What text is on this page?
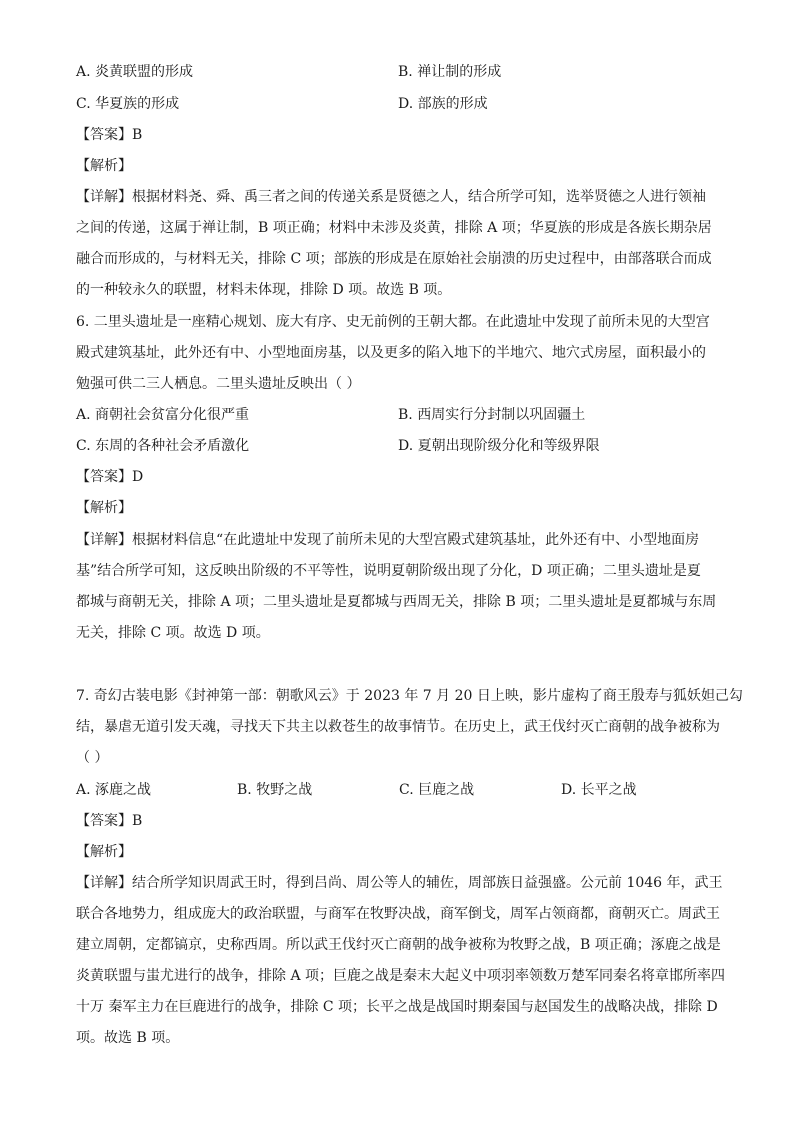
A. 炎黄联盟的形成	B. 禅让制的形成
C. 华夏族的形成	D. 部族的形成
【答案】B
【解析】
【详解】根据材料尧、舜、禹三者之间的传递关系是贤德之人，结合所学可知，选举贤德之人进行领袖
之间的传递，这属于禅让制，B 项正确；材料中未涉及炎黄，排除 A 项；华夏族的形成是各族长期杂居
融合而形成的，与材料无关，排除 C 项；部族的形成是在原始社会崩溃的历史过程中，由部落联合而成
的一种较永久的联盟，材料未体现，排除 D 项。故选 B 项。
6. 二里头遗址是一座精心规划、庞大有序、史无前例的王朝大都。在此遗址中发现了前所未见的大型宫
殿式建筑基址，此外还有中、小型地面房基，以及更多的陷入地下的半地穴、地穴式房屋，面积最小的
勉强可供二三人栖息。二里头遗址反映出（ ）
A. 商朝社会贫富分化很严重	B. 西周实行分封制以巩固疆土
C. 东周的各种社会矛盾激化	D. 夏朝出现阶级分化和等级界限
【答案】D
【解析】
【详解】根据材料信息“在此遗址中发现了前所未见的大型宫殿式建筑基址，此外还有中、小型地面房
基”结合所学可知，这反映出阶级的不平等性，说明夏朝阶级出现了分化，D 项正确；二里头遗址是夏
都城与商朝无关，排除 A 项；二里头遗址是夏都城与西周无关，排除 B 项；二里头遗址是夏都城与东周
无关，排除 C 项。故选 D 项。
7. 奇幻古装电影《封神第一部：朝歌风云》于 2023 年 7 月 20 日上映，影片虚构了商王殷寿与狐妖妲己勾
结，暴虐无道引发天魂，寻找天下共主以救苍生的故事情节。在历史上，武王伐纣灭亡商朝的战争被称为
（ ）
A. 涿鹿之战	B. 牧野之战	C. 巨鹿之战	D. 长平之战
【答案】B
【解析】
【详解】结合所学知识周武王时，得到吕尚、周公等人的辅佐，周部族日益强盛。公元前 1046 年，武王
联合各地势力，组成庞大的政治联盟，与商军在牧野决战，商军倒戈，周军占领商都，商朝灭亡。周武王
建立周朝，定都镐京，史称西周。所以武王伐纣灭亡商朝的战争被称为牧野之战，B 项正确；涿鹿之战是
炎黄联盟与蚩尤进行的战争，排除 A 项；巨鹿之战是秦末大起义中项羽率领数万楚军同秦名将章邯所率四
十万 秦军主力在巨鹿进行的战争，排除 C 项；长平之战是战国时期秦国与赵国发生的战略决战，排除 D
项。故选 B 项。
